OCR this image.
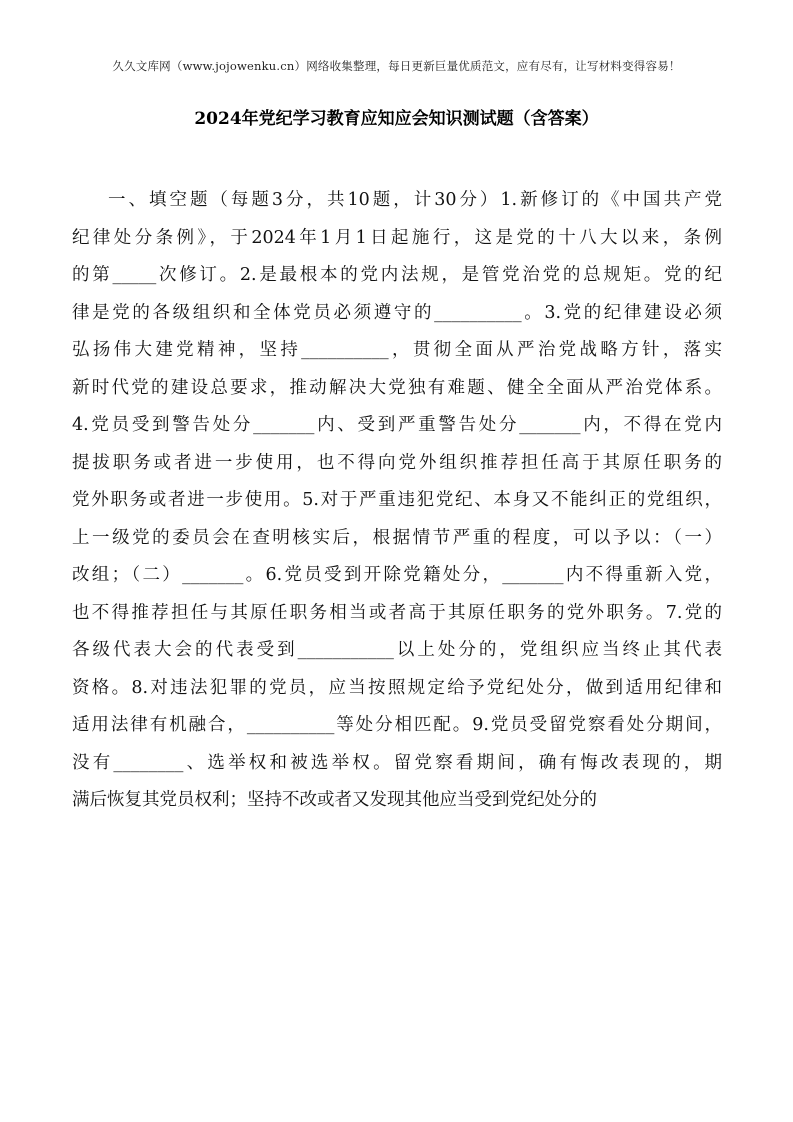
久久文库网（www.jojowenku.cn）网络收集整理，每日更新巨量优质范文，应有尽有，让写材料变得容易！
2024年党纪学习教育应知应会知识测试题（含答案）
一、填空题（每题3分，共10题，计30分）1.新修订的《中国共产党
纪律处分条例》，于2024年1月1日起施行，这是党的十八大以来，条例
的第_____次修订。2.是最根本的党内法规，是管党治党的总规矩。党的纪
律是党的各级组织和全体党员必须遵守的__________。3.党的纪律建设必须
弘扬伟大建党精神，坚持__________，贯彻全面从严治党战略方针，落实
新时代党的建设总要求，推动解决大党独有难题、健全全面从严治党体系。
4.党员受到警告处分_______内、受到严重警告处分_______内，不得在党内
提拔职务或者进一步使用，也不得向党外组织推荐担任高于其原任职务的
党外职务或者进一步使用。5.对于严重违犯党纪、本身又不能纠正的党组织，
上一级党的委员会在查明核实后，根据情节严重的程度，可以予以：（一）
改组；（二）_______。6.党员受到开除党籍处分，_______内不得重新入党，
也不得推荐担任与其原任职务相当或者高于其原任职务的党外职务。7.党的
各级代表大会的代表受到___________以上处分的，党组织应当终止其代表
资格。8.对违法犯罪的党员，应当按照规定给予党纪处分，做到适用纪律和
适用法律有机融合，__________等处分相匹配。9.党员受留党察看处分期间，
没有________、选举权和被选举权。留党察看期间，确有悔改表现的，期
满后恢复其党员权利；坚持不改或者又发现其他应当受到党纪处分的
